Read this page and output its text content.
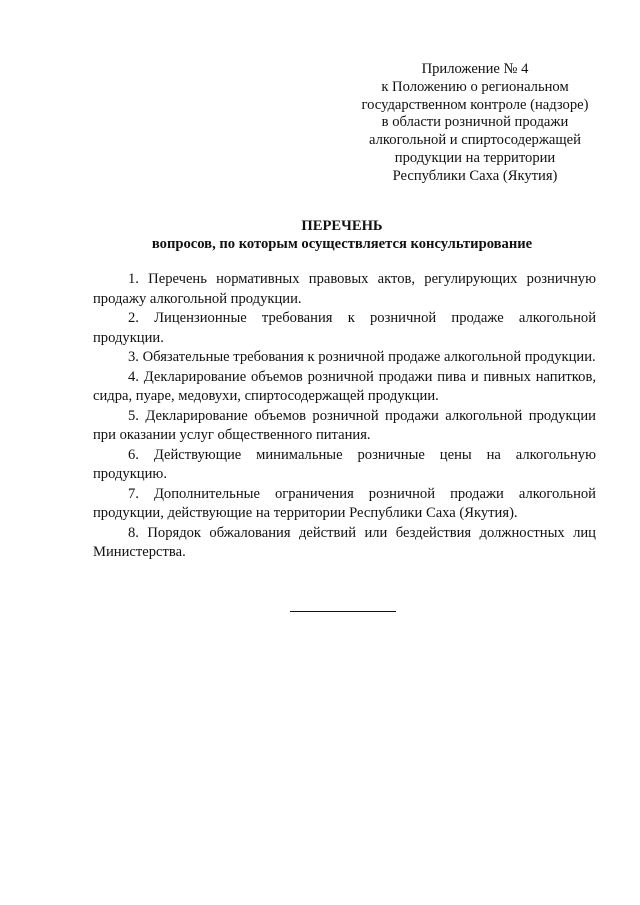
Приложение № 4
к Положению о региональном
государственном контроле (надзоре)
в области розничной продажи
алкогольной и спиртосодержащей
продукции на территории
Республики Саха (Якутия)
ПЕРЕЧЕНЬ
вопросов, по которым осуществляется консультирование

1. Перечень нормативных правовых актов, регулирующих розничную продажу алкогольной продукции.

2. Лицензионные требования к розничной продаже алкогольной продукции.

3. Обязательные требования к розничной продаже алкогольной продукции.

4. Декларирование объемов розничной продажи пива и пивных напитков, сидра, пуаре, медовухи, спиртосодержащей продукции.

5. Декларирование объемов розничной продажи алкогольной продукции при оказании услуг общественного питания.

6. Действующие минимальные розничные цены на алкогольную продукцию.

7. Дополнительные ограничения розничной продажи алкогольной продукции, действующие на территории Республики Саха (Якутия).

8. Порядок обжалования действий или бездействия должностных лиц Министерства.
